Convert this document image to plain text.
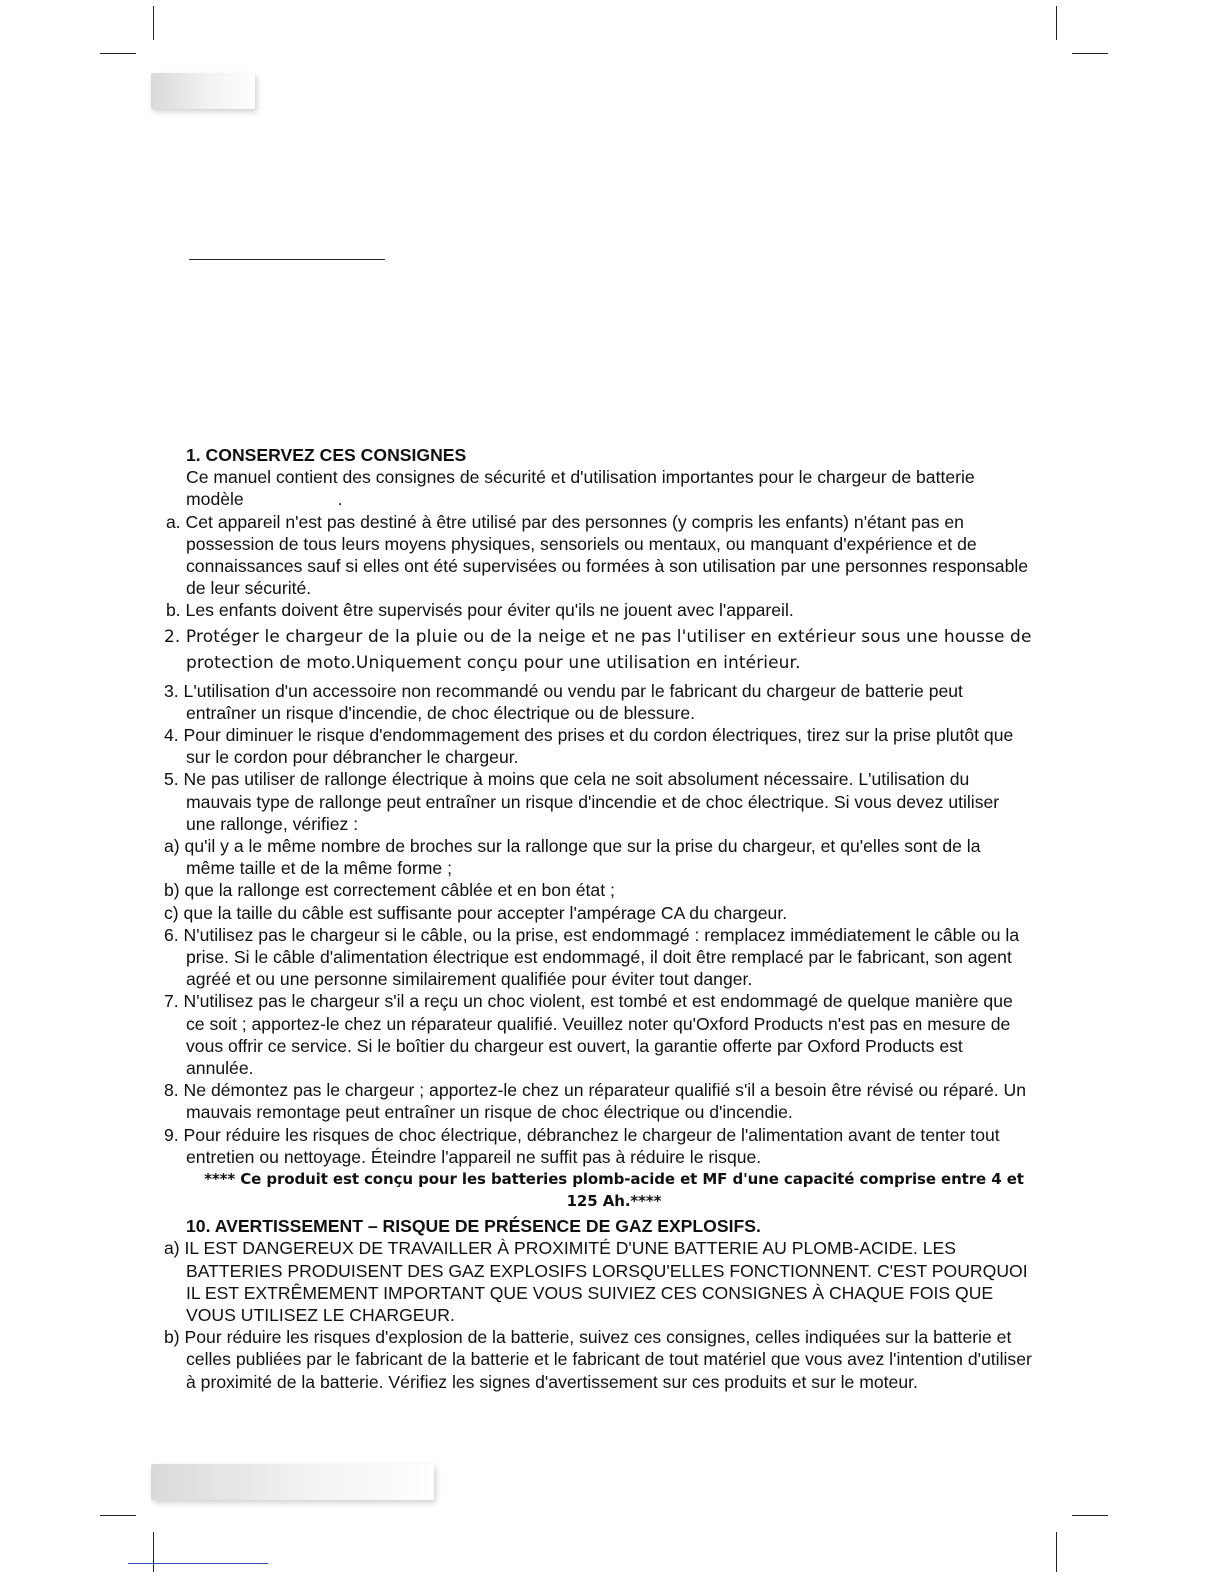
1. CONSERVEZ CES CONSIGNES

Ce manuel contient des consignes de sécurité et d'utilisation importantes pour le chargeur de batterie modèle	.

a. Cet appareil n'est pas destiné à être utilisé par des personnes (y compris les enfants) n'étant pas en possession de tous leurs moyens physiques, sensoriels ou mentaux, ou manquant d'expérience et de connaissances sauf si elles ont été supervisées ou formées à son utilisation par une personnes responsable de leur sécurité.

b. Les enfants doivent être supervisés pour éviter qu'ils ne jouent avec l'appareil.

2. Protéger le chargeur de la pluie ou de la neige et ne pas l'utiliser en extérieur sous une housse de protection de moto.Uniquement conçu pour une utilisation en intérieur.

3. L'utilisation d'un accessoire non recommandé ou vendu par le fabricant du chargeur de batterie peut entraîner un risque d'incendie, de choc électrique ou de blessure.

4. Pour diminuer le risque d'endommagement des prises et du cordon électriques, tirez sur la prise plutôt que sur le cordon pour débrancher le chargeur.

5. Ne pas utiliser de rallonge électrique à moins que cela ne soit absolument nécessaire. L'utilisation du mauvais type de rallonge peut entraîner un risque d'incendie et de choc électrique. Si vous devez utiliser une rallonge, vérifiez :

a) qu'il y a le même nombre de broches sur la rallonge que sur la prise du chargeur, et qu'elles sont de la même taille et de la même forme ;

b) que la rallonge est correctement câblée et en bon état ;

c) que la taille du câble est suffisante pour accepter l'ampérage CA du chargeur.

6. N'utilisez pas le chargeur si le câble, ou la prise, est endommagé : remplacez immédiatement le câble ou la prise. Si le câble d'alimentation électrique est endommagé, il doit être remplacé par le fabricant, son agent agréé et ou une personne similairement qualifiée pour éviter tout danger.

7. N'utilisez pas le chargeur s'il a reçu un choc violent, est tombé et est endommagé de quelque manière que ce soit ; apportez-le chez un réparateur qualifié. Veuillez noter qu'Oxford Products n'est pas en mesure de vous offrir ce service. Si le boîtier du chargeur est ouvert, la garantie offerte par Oxford Products est annulée.

8. Ne démontez pas le chargeur ; apportez-le chez un réparateur qualifié s'il a besoin être révisé ou réparé. Un mauvais remontage peut entraîner un risque de choc électrique ou d'incendie.

9. Pour réduire les risques de choc électrique, débranchez le chargeur de l'alimentation avant de tenter tout entretien ou nettoyage. Éteindre l'appareil ne suffit pas à réduire le risque.

**** Ce produit est conçu pour les batteries plomb-acide et MF d'une capacité comprise entre 4 et 125 Ah.****

10. AVERTISSEMENT – RISQUE DE PRÉSENCE DE GAZ EXPLOSIFS.

a) IL EST DANGEREUX DE TRAVAILLER À PROXIMITÉ D'UNE BATTERIE AU PLOMB-ACIDE. LES BATTERIES PRODUISENT DES GAZ EXPLOSIFS LORSQU'ELLES FONCTIONNENT. C'EST POURQUOI IL EST EXTRÊMEMENT IMPORTANT QUE VOUS SUIVIEZ CES CONSIGNES À CHAQUE FOIS QUE VOUS UTILISEZ LE CHARGEUR.

b) Pour réduire les risques d'explosion de la batterie, suivez ces consignes, celles indiquées sur la batterie et celles publiées par le fabricant de la batterie et le fabricant de tout matériel que vous avez l'intention d'utiliser à proximité de la batterie. Vérifiez les signes d'avertissement sur ces produits et sur le moteur.
